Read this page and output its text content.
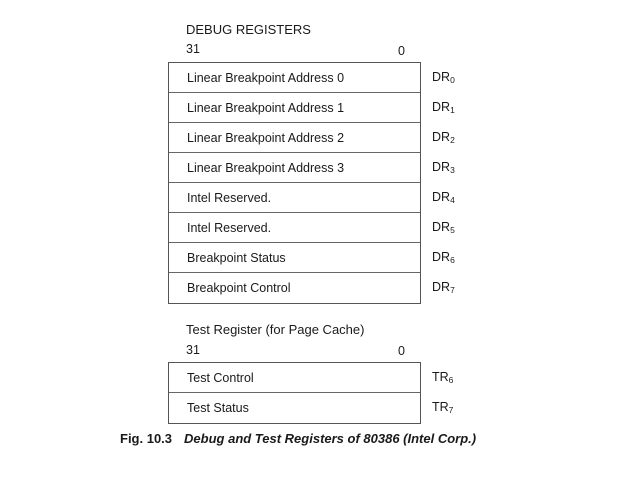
DEBUG REGISTERS
31	0
Linear Breakpoint Address 0
Linear Breakpoint Address 1
Linear Breakpoint Address 2
Linear Breakpoint Address 3
Intel Reserved.
Intel Reserved.
Breakpoint Status
Breakpoint Control
$DR_0$
$DR_1$
$DR_2$
$DR_3$
$DR_4$
$DR_5$
$DR_6$
$DR_7$
Test Register (for Page Cache)
31	0
Test Control
Test Status
$TR_6$
$TR_7$
Fig. 10.3 Debug and Test Registers of 80386 (Intel Corp.)
